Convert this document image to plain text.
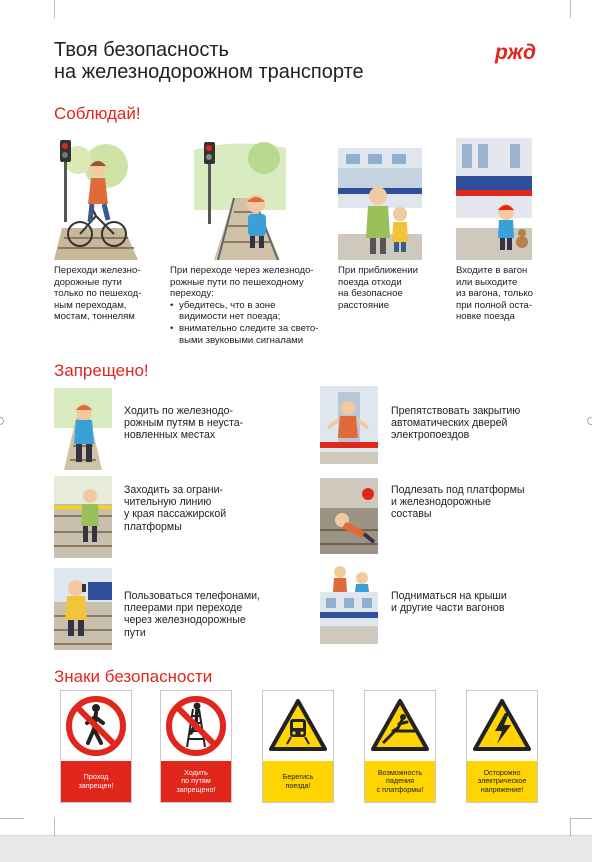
Твоя безопасность
на железнодорожном транспорте
ржд
Соблюдай!

Переходи железно-
дорожные пути
только по пешеход-
ным переходам,
мостам, тоннелям

При переходе через железнодо-
рожные пути по пешеходному
переходу:

• убедитесь, что в зоне
видимости нет поезда;
• внимательно следите за свето-
выми звуковыми сигналами

При приближении
поезда отходи
на безопасное
расстояние

Входите в вагон
или выходите
из вагона, только
при полной оста-
новке поезда

Запрещено!
Ходить по железнодо-
рожным путям в неуста-
новленных местах
Препятствовать закрытию
автоматических дверей
электропоездов
Заходить за ограни-
чительную линию
у края пассажирской
платформы
Подлезать под платформы
и железнодорожные
составы
Пользоваться телефонами,
плеерами при переходе
через железнодорожные
пути
Подниматься на крыши
и другие части вагонов
Знаки безопасности
Проход
запрещен!
Ходить
по путям
запрещено!
Берегись
поезда!
Возможность
падения
с платформы!
Осторожно
электрическое
напряжение!
